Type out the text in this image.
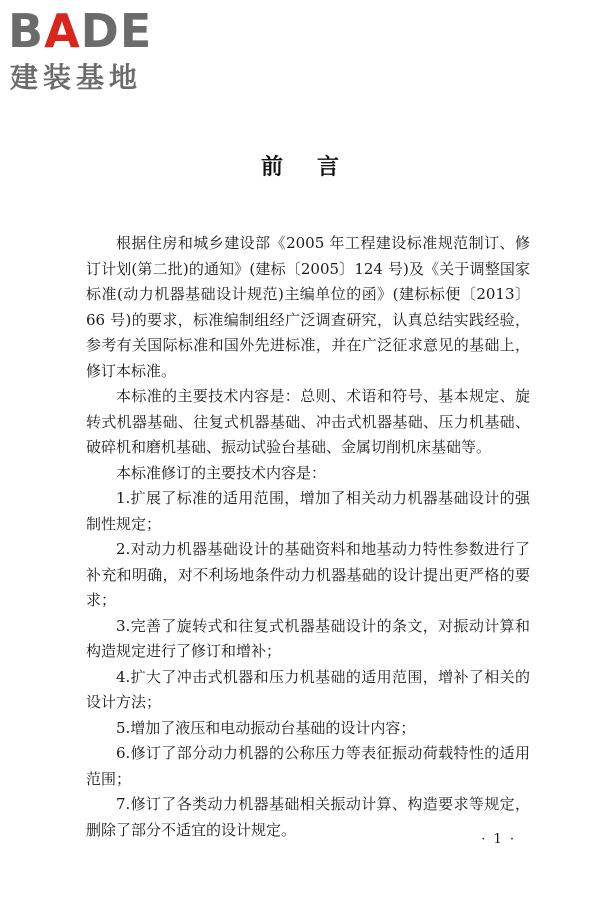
BADE
建装基地
前言

根据住房和城乡建设部《2005 年工程建设标准规范制订、修订计划(第二批)的通知》(建标〔2005〕124 号)及《关于调整国家标准(动力机器基础设计规范)主编单位的函》(建标标便〔2013〕66 号)的要求，标准编制组经广泛调查研究，认真总结实践经验，参考有关国际标准和国外先进标准，并在广泛征求意见的基础上，修订本标准。

本标准的主要技术内容是：总则、术语和符号、基本规定、旋转式机器基础、往复式机器基础、冲击式机器基础、压力机基础、破碎机和磨机基础、振动试验台基础、金属切削机床基础等。

本标准修订的主要技术内容是：

1.扩展了标准的适用范围，增加了相关动力机器基础设计的强制性规定；

2.对动力机器基础设计的基础资料和地基动力特性参数进行了补充和明确，对不利场地条件动力机器基础的设计提出更严格的要求；

3.完善了旋转式和往复式机器基础设计的条文，对振动计算和构造规定进行了修订和增补；

4.扩大了冲击式机器和压力机基础的适用范围，增补了相关的设计方法；

5.增加了液压和电动振动台基础的设计内容；

6.修订了部分动力机器的公称压力等表征振动荷载特性的适用范围；

7.修订了各类动力机器基础相关振动计算、构造要求等规定，删除了部分不适宜的设计规定。

· 1 ·
